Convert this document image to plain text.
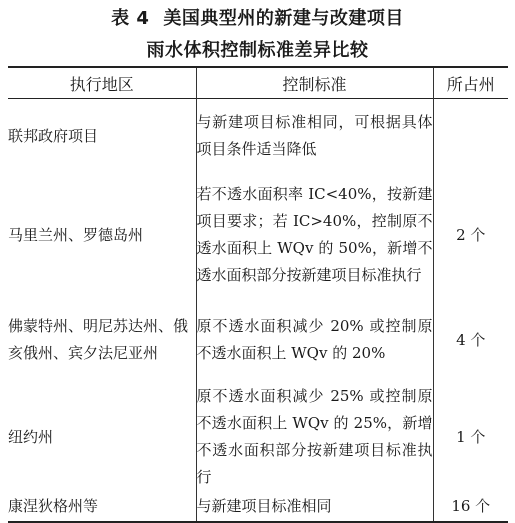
表 4 美国典型州的新建与改建项目
雨水体积控制标准差异比较
执行地区	控制标准	所占州

联邦政府项目	与新建项目标准相同，可根据具体项目条件适当降低	

马里兰州、罗德岛州	若不透水面积率 IC<40%，按新建项目要求；若 IC>40%，控制原不透水面积上 WQv 的 50%，新增不透水面积部分按新建项目标准执行	2 个

佛蒙特州、明尼苏达州、俄亥俄州、宾夕法尼亚州	原不透水面积减少 20% 或控制原不透水面积上 WQv 的 20%	4 个

纽约州	原不透水面积减少 25% 或控制原不透水面积上 WQv 的 25%，新增不透水面积部分按新建项目标准执行	1 个

康涅狄格州等	与新建项目标准相同	16 个
